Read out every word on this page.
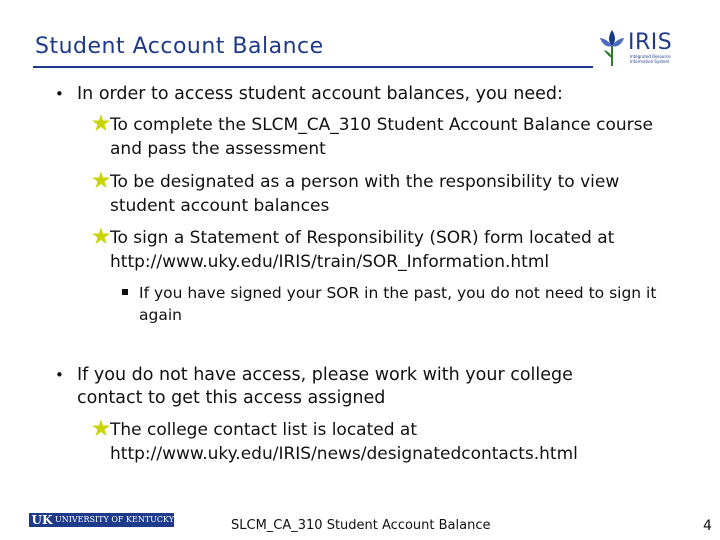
Student Account Balance	IRIS
Integrated Resource Information System
• In order to access student account balances, you need:
To complete the SLCM_CA_310 Student Account Balance course and pass the assessment
To be designated as a person with the responsibility to view student account balances
To sign a Statement of Responsibility (SOR) form located at http://www.uky.edu/IRIS/train/SOR_Information.html
If you have signed your SOR in the past, you do not need to sign it again
• If you do not have access, please work with your college contact to get this access assigned
The college contact list is located at http://www.uky.edu/IRIS/news/designatedcontacts.html
UK UNIVERSITY OF KENTUCKY	SLCM_CA_310 Student Account Balance	4
